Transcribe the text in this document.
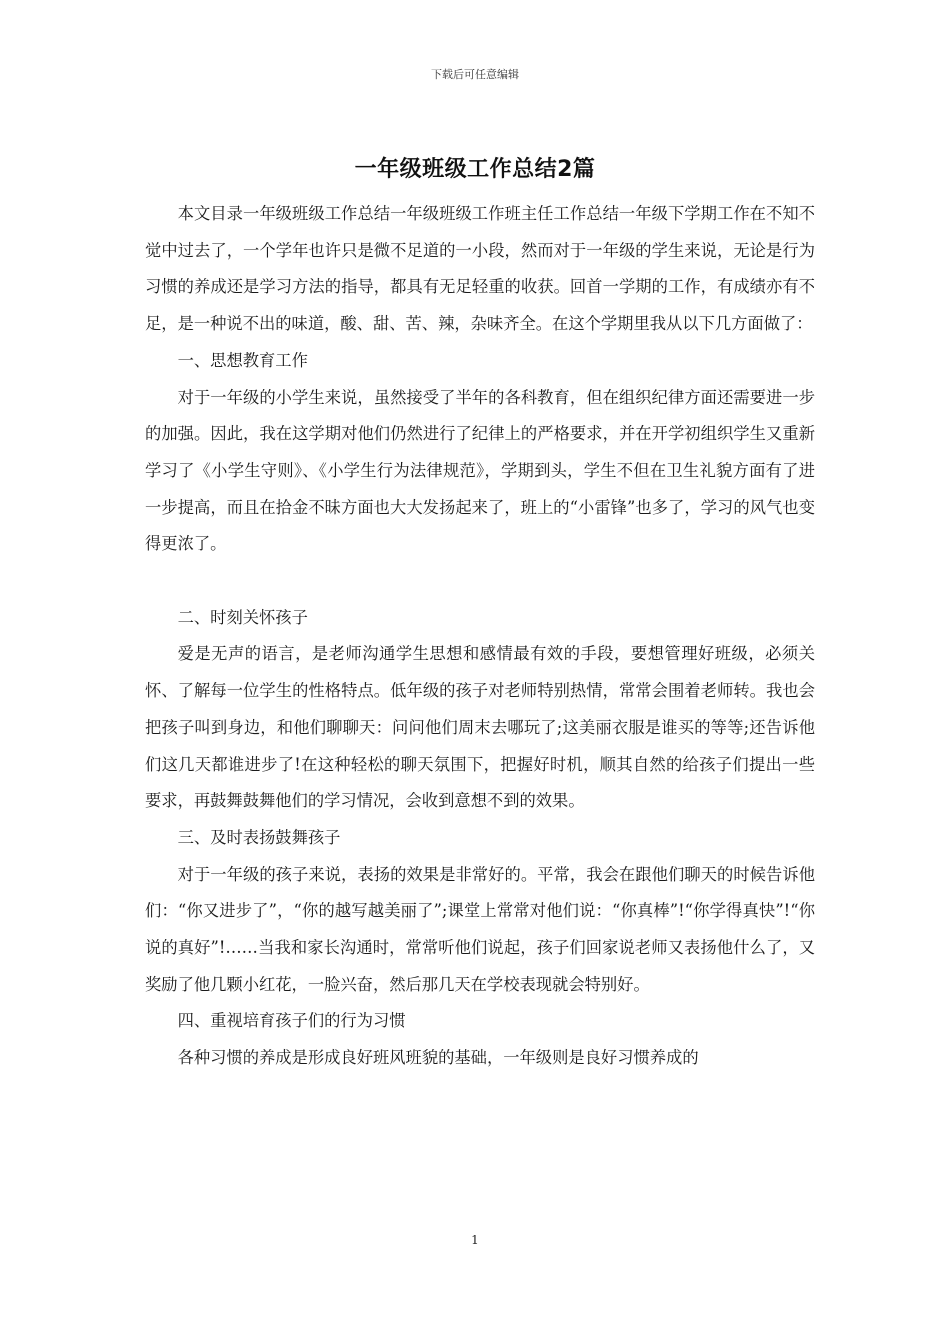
下载后可任意编辑
一年级班级工作总结2篇

本文目录一年级班级工作总结一年级班级工作班主任工作总结一年级下学期工作在不知不觉中过去了，一个学年也许只是微不足道的一小段，然而对于一年级的学生来说，无论是行为习惯的养成还是学习方法的指导，都具有无足轻重的收获。回首一学期的工作，有成绩亦有不足，是一种说不出的味道，酸、甜、苦、辣，杂味齐全。在这个学期里我从以下几方面做了：

一、思想教育工作

对于一年级的小学生来说，虽然接受了半年的各科教育，但在组织纪律方面还需要进一步的加强。因此，我在这学期对他们仍然进行了纪律上的严格要求，并在开学初组织学生又重新学习了《小学生守则》、《小学生行为法律规范》，学期到头，学生不但在卫生礼貌方面有了进一步提高，而且在拾金不昧方面也大大发扬起来了，班上的“小雷锋”也多了，学习的风气也变得更浓了。

二、时刻关怀孩子

爱是无声的语言，是老师沟通学生思想和感情最有效的手段，要想管理好班级，必须关怀、了解每一位学生的性格特点。低年级的孩子对老师特别热情，常常会围着老师转。我也会把孩子叫到身边，和他们聊聊天：问问他们周末去哪玩了;这美丽衣服是谁买的等等;还告诉他们这几天都谁进步了!在这种轻松的聊天氛围下，把握好时机，顺其自然的给孩子们提出一些要求，再鼓舞鼓舞他们的学习情况，会收到意想不到的效果。

三、及时表扬鼓舞孩子

对于一年级的孩子来说，表扬的效果是非常好的。平常，我会在跟他们聊天的时候告诉他们：“你又进步了”，“你的越写越美丽了”;课堂上常常对他们说：“你真棒”!“你学得真快”!“你说的真好”!……当我和家长沟通时，常常听他们说起，孩子们回家说老师又表扬他什么了，又奖励了他几颗小红花，一脸兴奋，然后那几天在学校表现就会特别好。

四、重视培育孩子们的行为习惯

各种习惯的养成是形成良好班风班貌的基础，一年级则是良好习惯养成的

1
